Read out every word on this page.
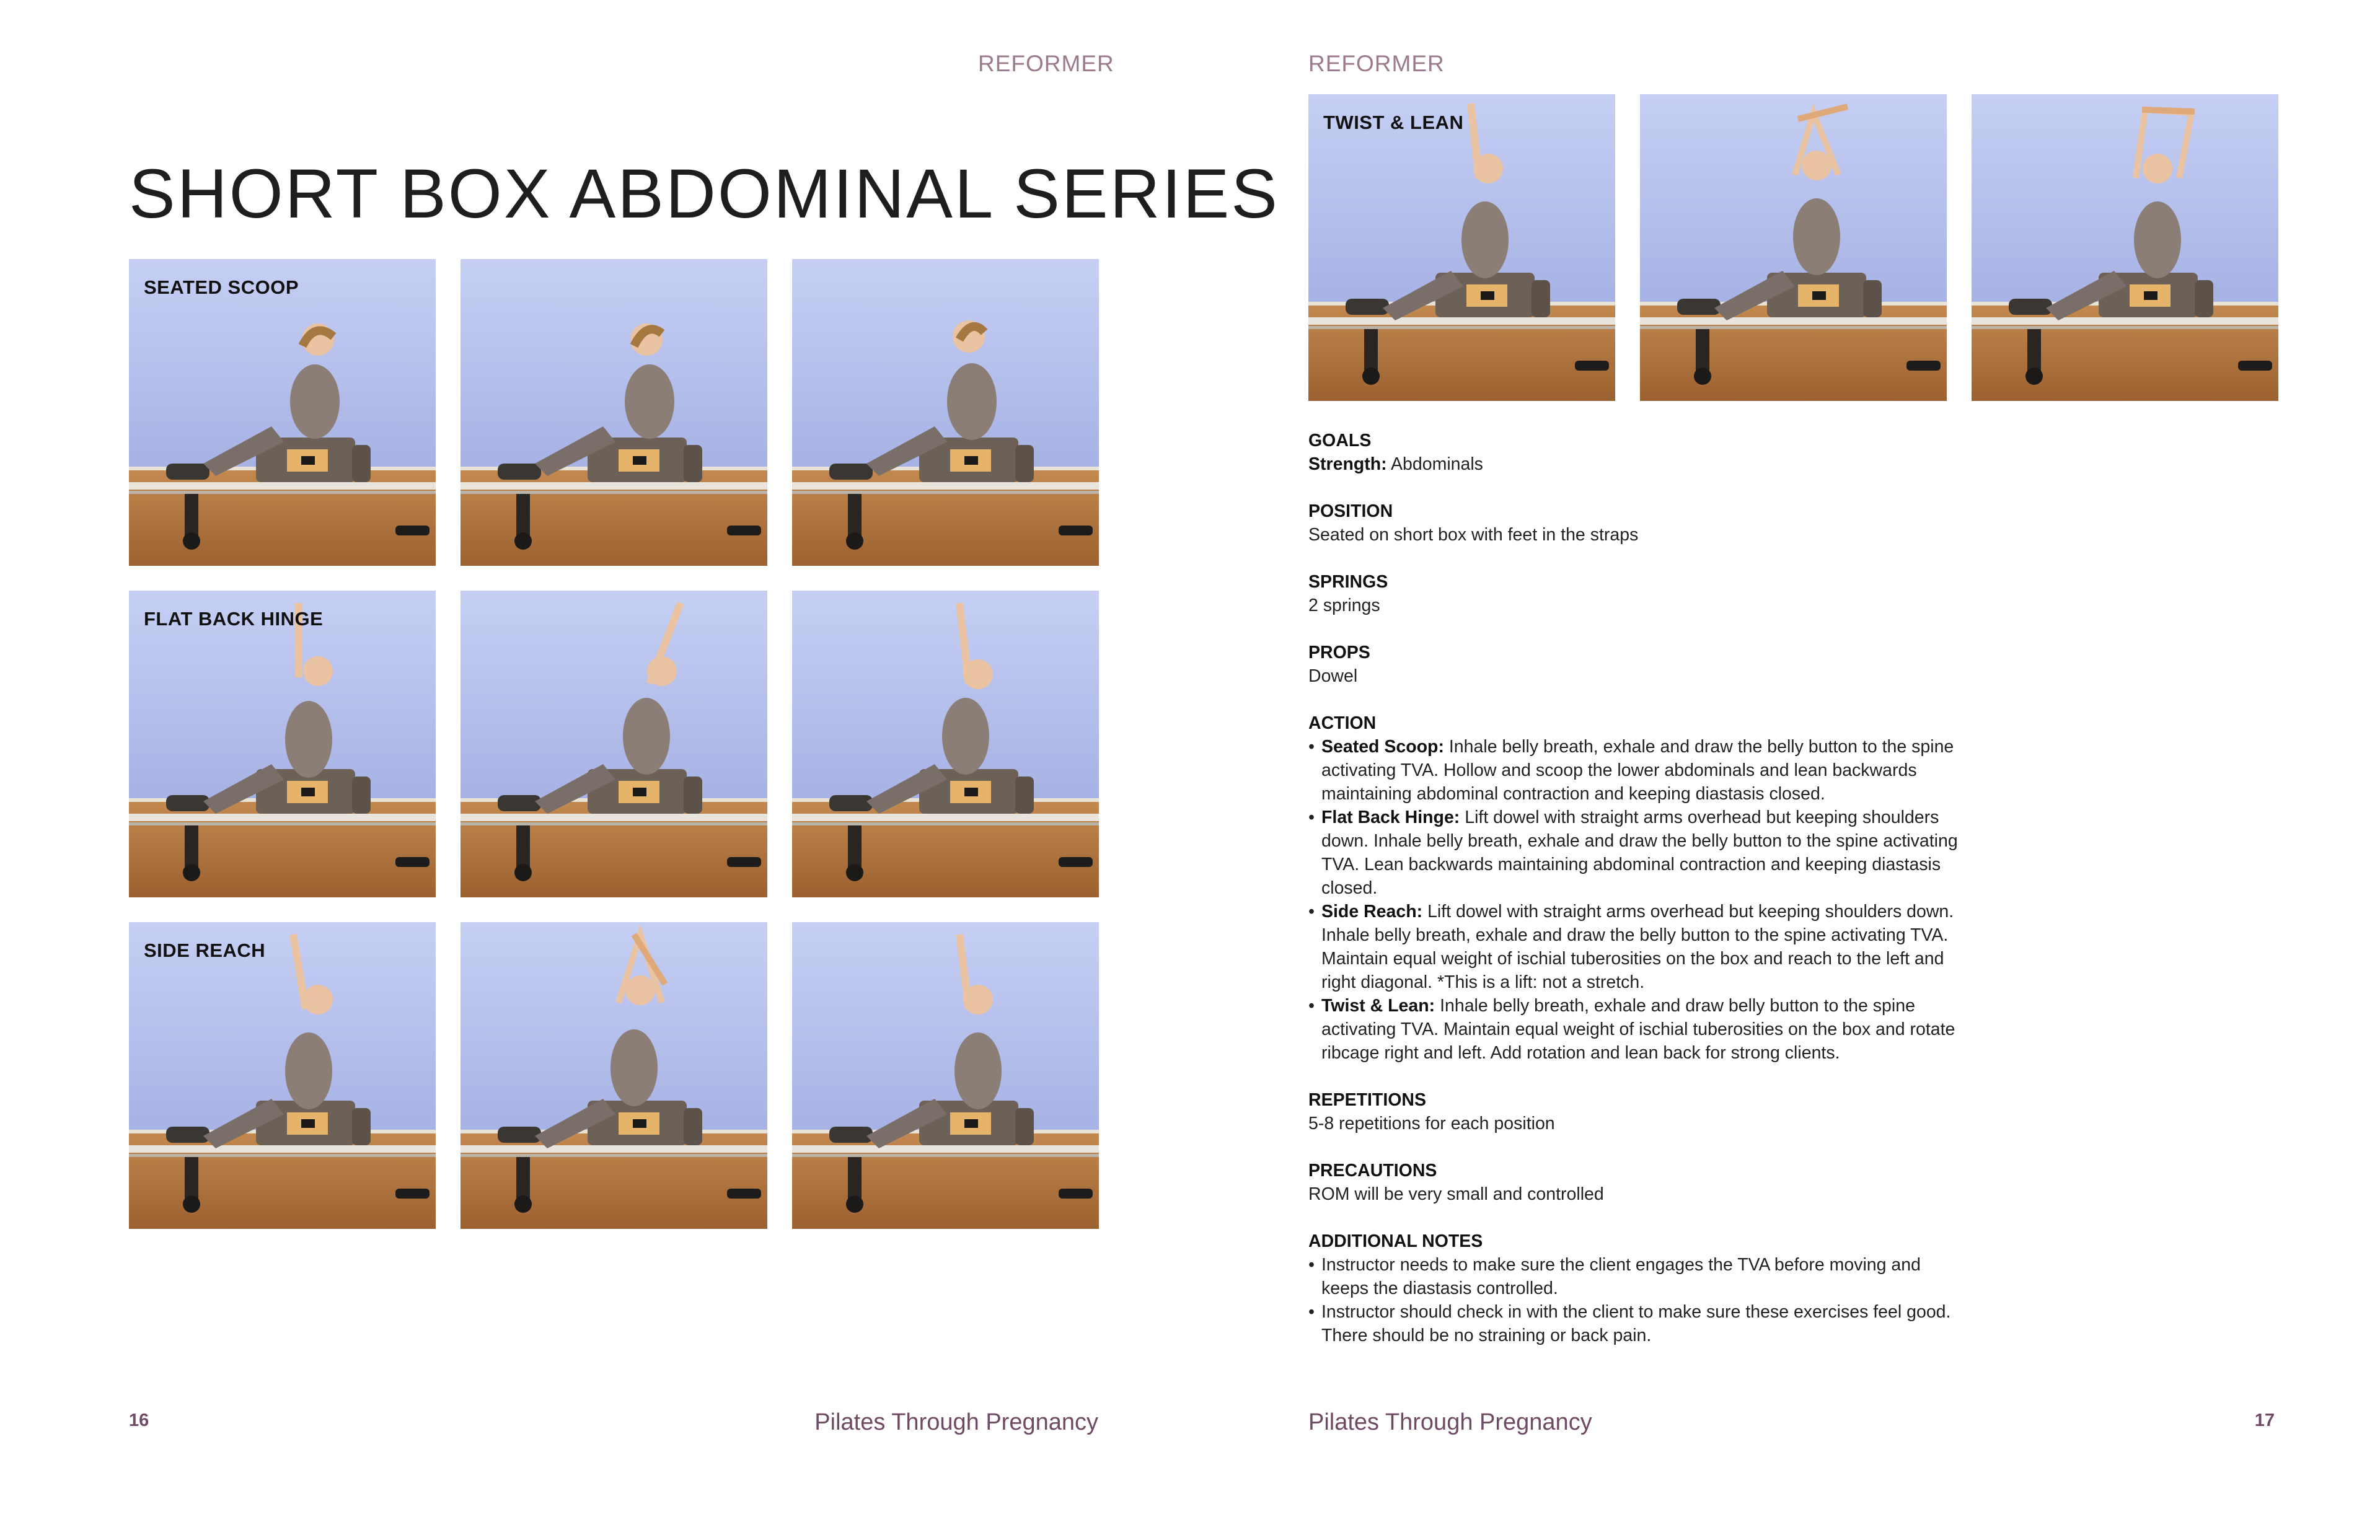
REFORMER
SHORT BOX ABDOMINAL SERIES
SEATED SCOOP
FLAT BACK HINGE
SIDE REACH
16	Pilates Through Pregnancy
REFORMER
TWIST & LEAN
GOALS
Strength: Abdominals
POSITION
Seated on short box with feet in the straps
SPRINGS
2 springs
PROPS
Dowel
ACTION
• Seated Scoop: Inhale belly breath, exhale and draw the belly button to the spine activating TVA. Hollow and scoop the lower abdominals and lean backwards maintaining abdominal contraction and keeping diastasis closed.
• Flat Back Hinge: Lift dowel with straight arms overhead but keeping shoulders down. Inhale belly breath, exhale and draw the belly button to the spine activating TVA. Lean backwards maintaining abdominal contraction and keeping diastasis closed.
• Side Reach: Lift dowel with straight arms overhead but keeping shoulders down. Inhale belly breath, exhale and draw the belly button to the spine activating TVA. Maintain equal weight of ischial tuberosities on the box and reach to the left and right diagonal. *This is a lift: not a stretch.
• Twist & Lean: Inhale belly breath, exhale and draw belly button to the spine activating TVA. Maintain equal weight of ischial tuberosities on the box and rotate ribcage right and left. Add rotation and lean back for strong clients.
REPETITIONS
5-8 repetitions for each position
PRECAUTIONS
ROM will be very small and controlled
ADDITIONAL NOTES
• Instructor needs to make sure the client engages the TVA before moving and keeps the diastasis controlled.
• Instructor should check in with the client to make sure these exercises feel good. There should be no straining or back pain.
Pilates Through Pregnancy	17
